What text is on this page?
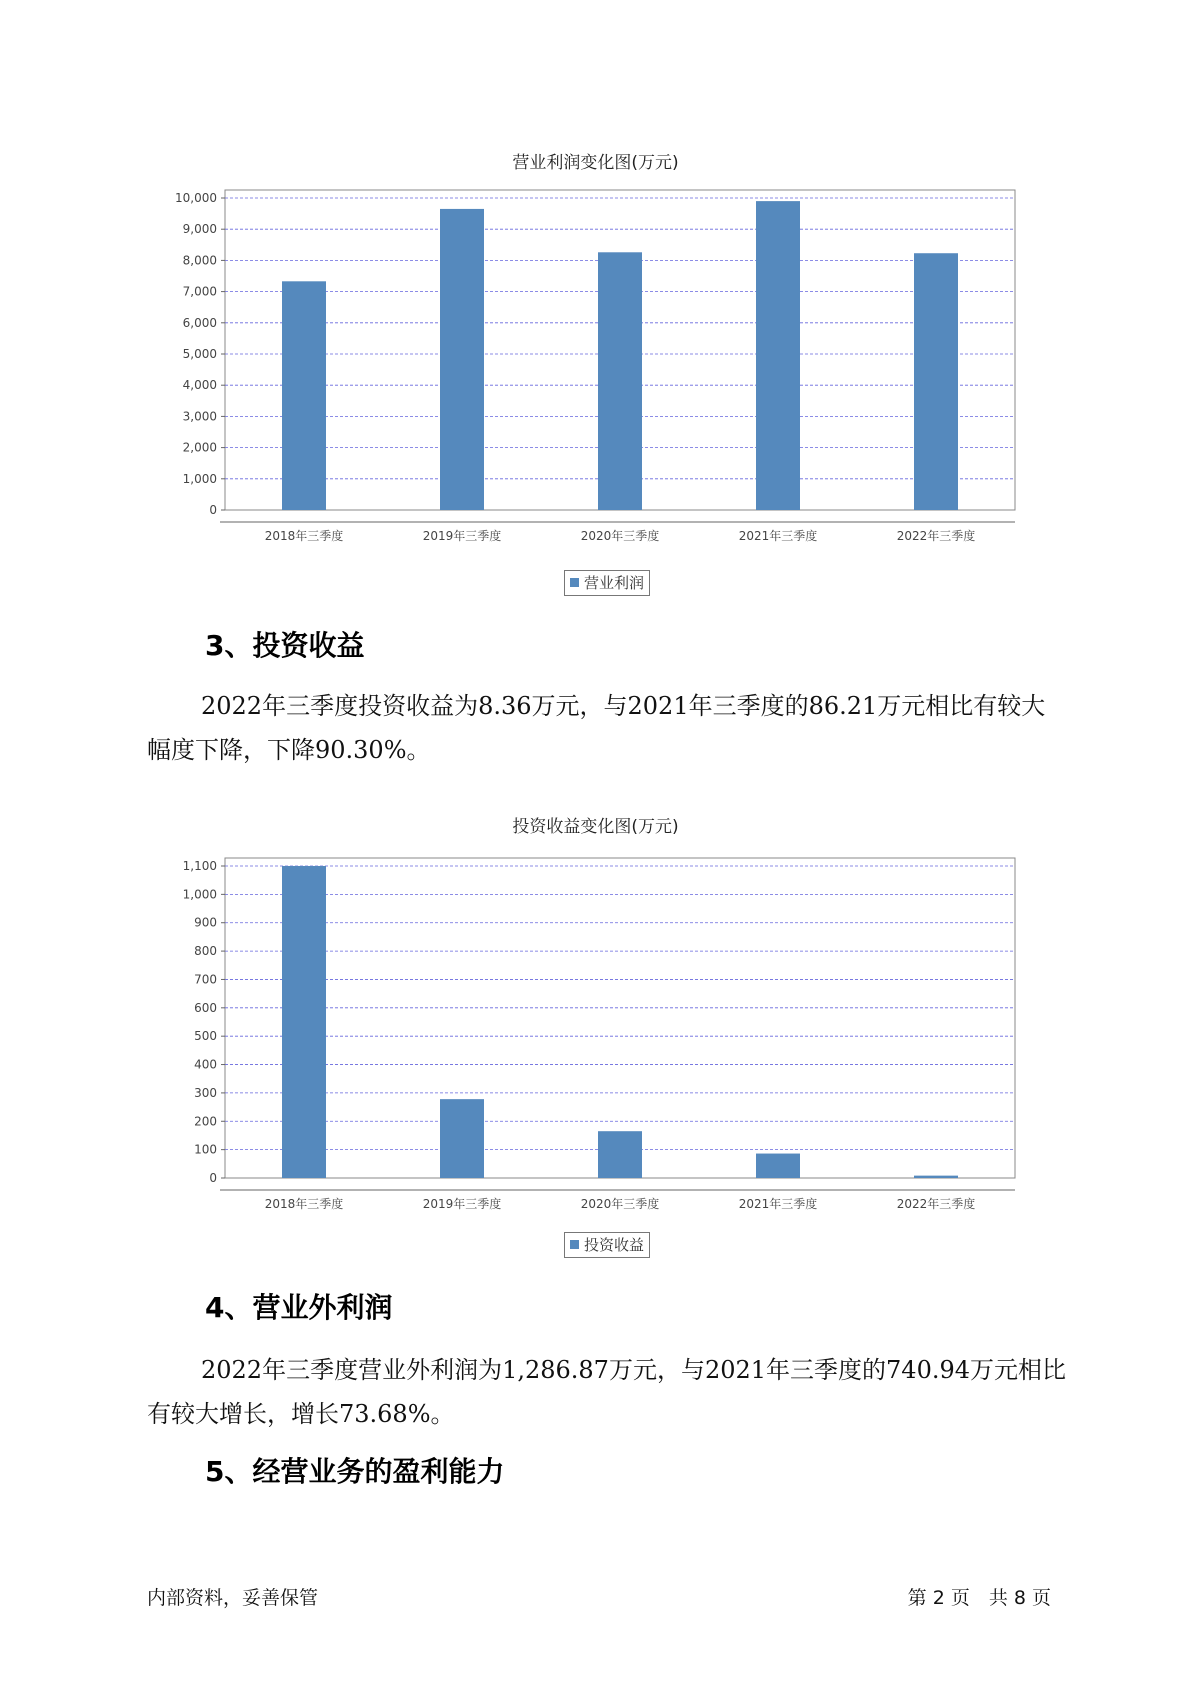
营业利润变化图(万元)
0
1,000
2,000
3,000
4,000
5,000
6,000
7,000
8,000
9,000
10,000
2018年三季度	2019年三季度	2020年三季度	2021年三季度	2022年三季度
营业利润
3、投资收益
2022年三季度投资收益为8.36万元，与2021年三季度的86.21万元相比有较大幅度下降，下降90.30%。
投资收益变化图(万元)
0
100
200
300
400
500
600
700
800
900
1,000
1,100
2018年三季度	2019年三季度	2020年三季度	2021年三季度	2022年三季度
投资收益
4、营业外利润
2022年三季度营业外利润为1,286.87万元，与2021年三季度的740.94万元相比有较大增长，增长73.68%。
5、经营业务的盈利能力
内部资料，妥善保管	第 2 页　共 8 页
